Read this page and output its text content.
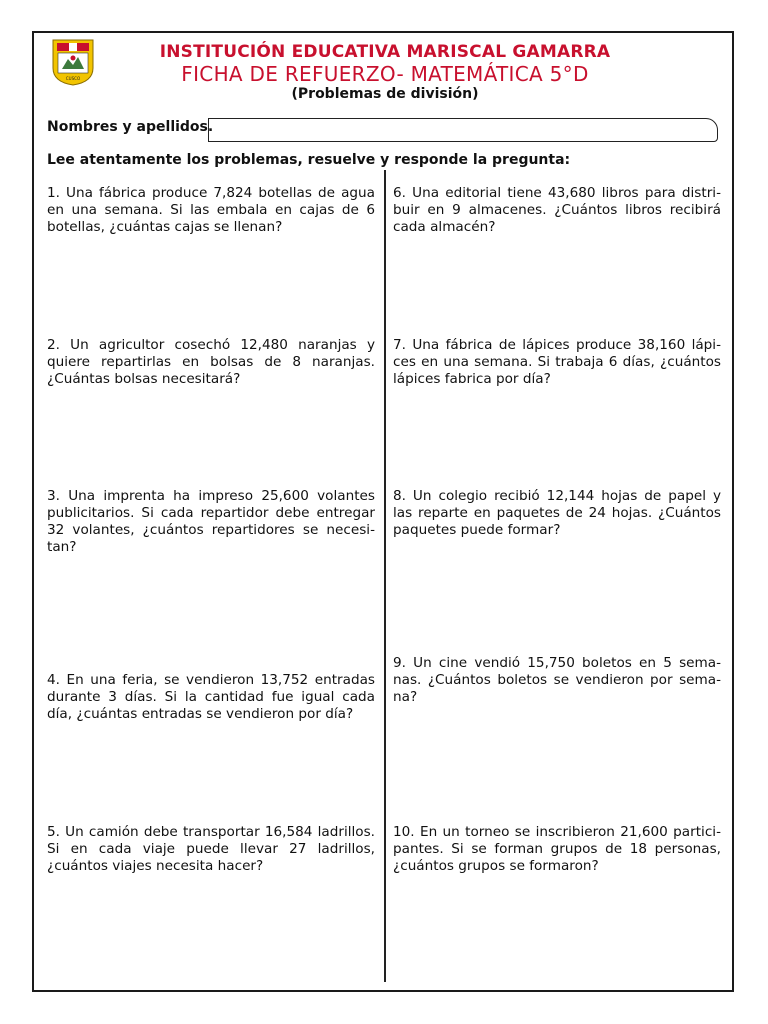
CUSCO
INSTITUCIÓN EDUCATIVA MARISCAL GAMARRA
FICHA DE REFUERZO- MATEMÁTICA 5°D
(Problemas de división)
Nombres y apellidos.
Lee atentamente los problemas, resuelve y responde la pregunta:
1. Una fábrica produce 7,824 botellas de agua en una semana. Si las embala en cajas de 6 botellas, ¿cuántas cajas se llenan?
2. Un agricultor cosechó 12,480 naranjas y quiere repartirlas en bolsas de 8 naranjas. ¿Cuántas bolsas necesitará?
3. Una imprenta ha impreso 25,600 volantes publicitarios. Si cada repartidor debe entregar 32 volantes, ¿cuántos repartidores se necesi-tan?
4. En una feria, se vendieron 13,752 entradas durante 3 días. Si la cantidad fue igual cada día, ¿cuántas entradas se vendieron por día?
5. Un camión debe transportar 16,584 ladrillos. Si en cada viaje puede llevar 27 ladrillos, ¿cuántos viajes necesita hacer?
6. Una editorial tiene 43,680 libros para distri-buir en 9 almacenes. ¿Cuántos libros recibirá cada almacén?
7. Una fábrica de lápices produce 38,160 lápi-ces en una semana. Si trabaja 6 días, ¿cuántos lápices fabrica por día?
8. Un colegio recibió 12,144 hojas de papel y las reparte en paquetes de 24 hojas. ¿Cuántos paquetes puede formar?
9. Un cine vendió 15,750 boletos en 5 sema-nas. ¿Cuántos boletos se vendieron por sema-na?
10. En un torneo se inscribieron 21,600 partici-pantes. Si se forman grupos de 18 personas, ¿cuántos grupos se formaron?
